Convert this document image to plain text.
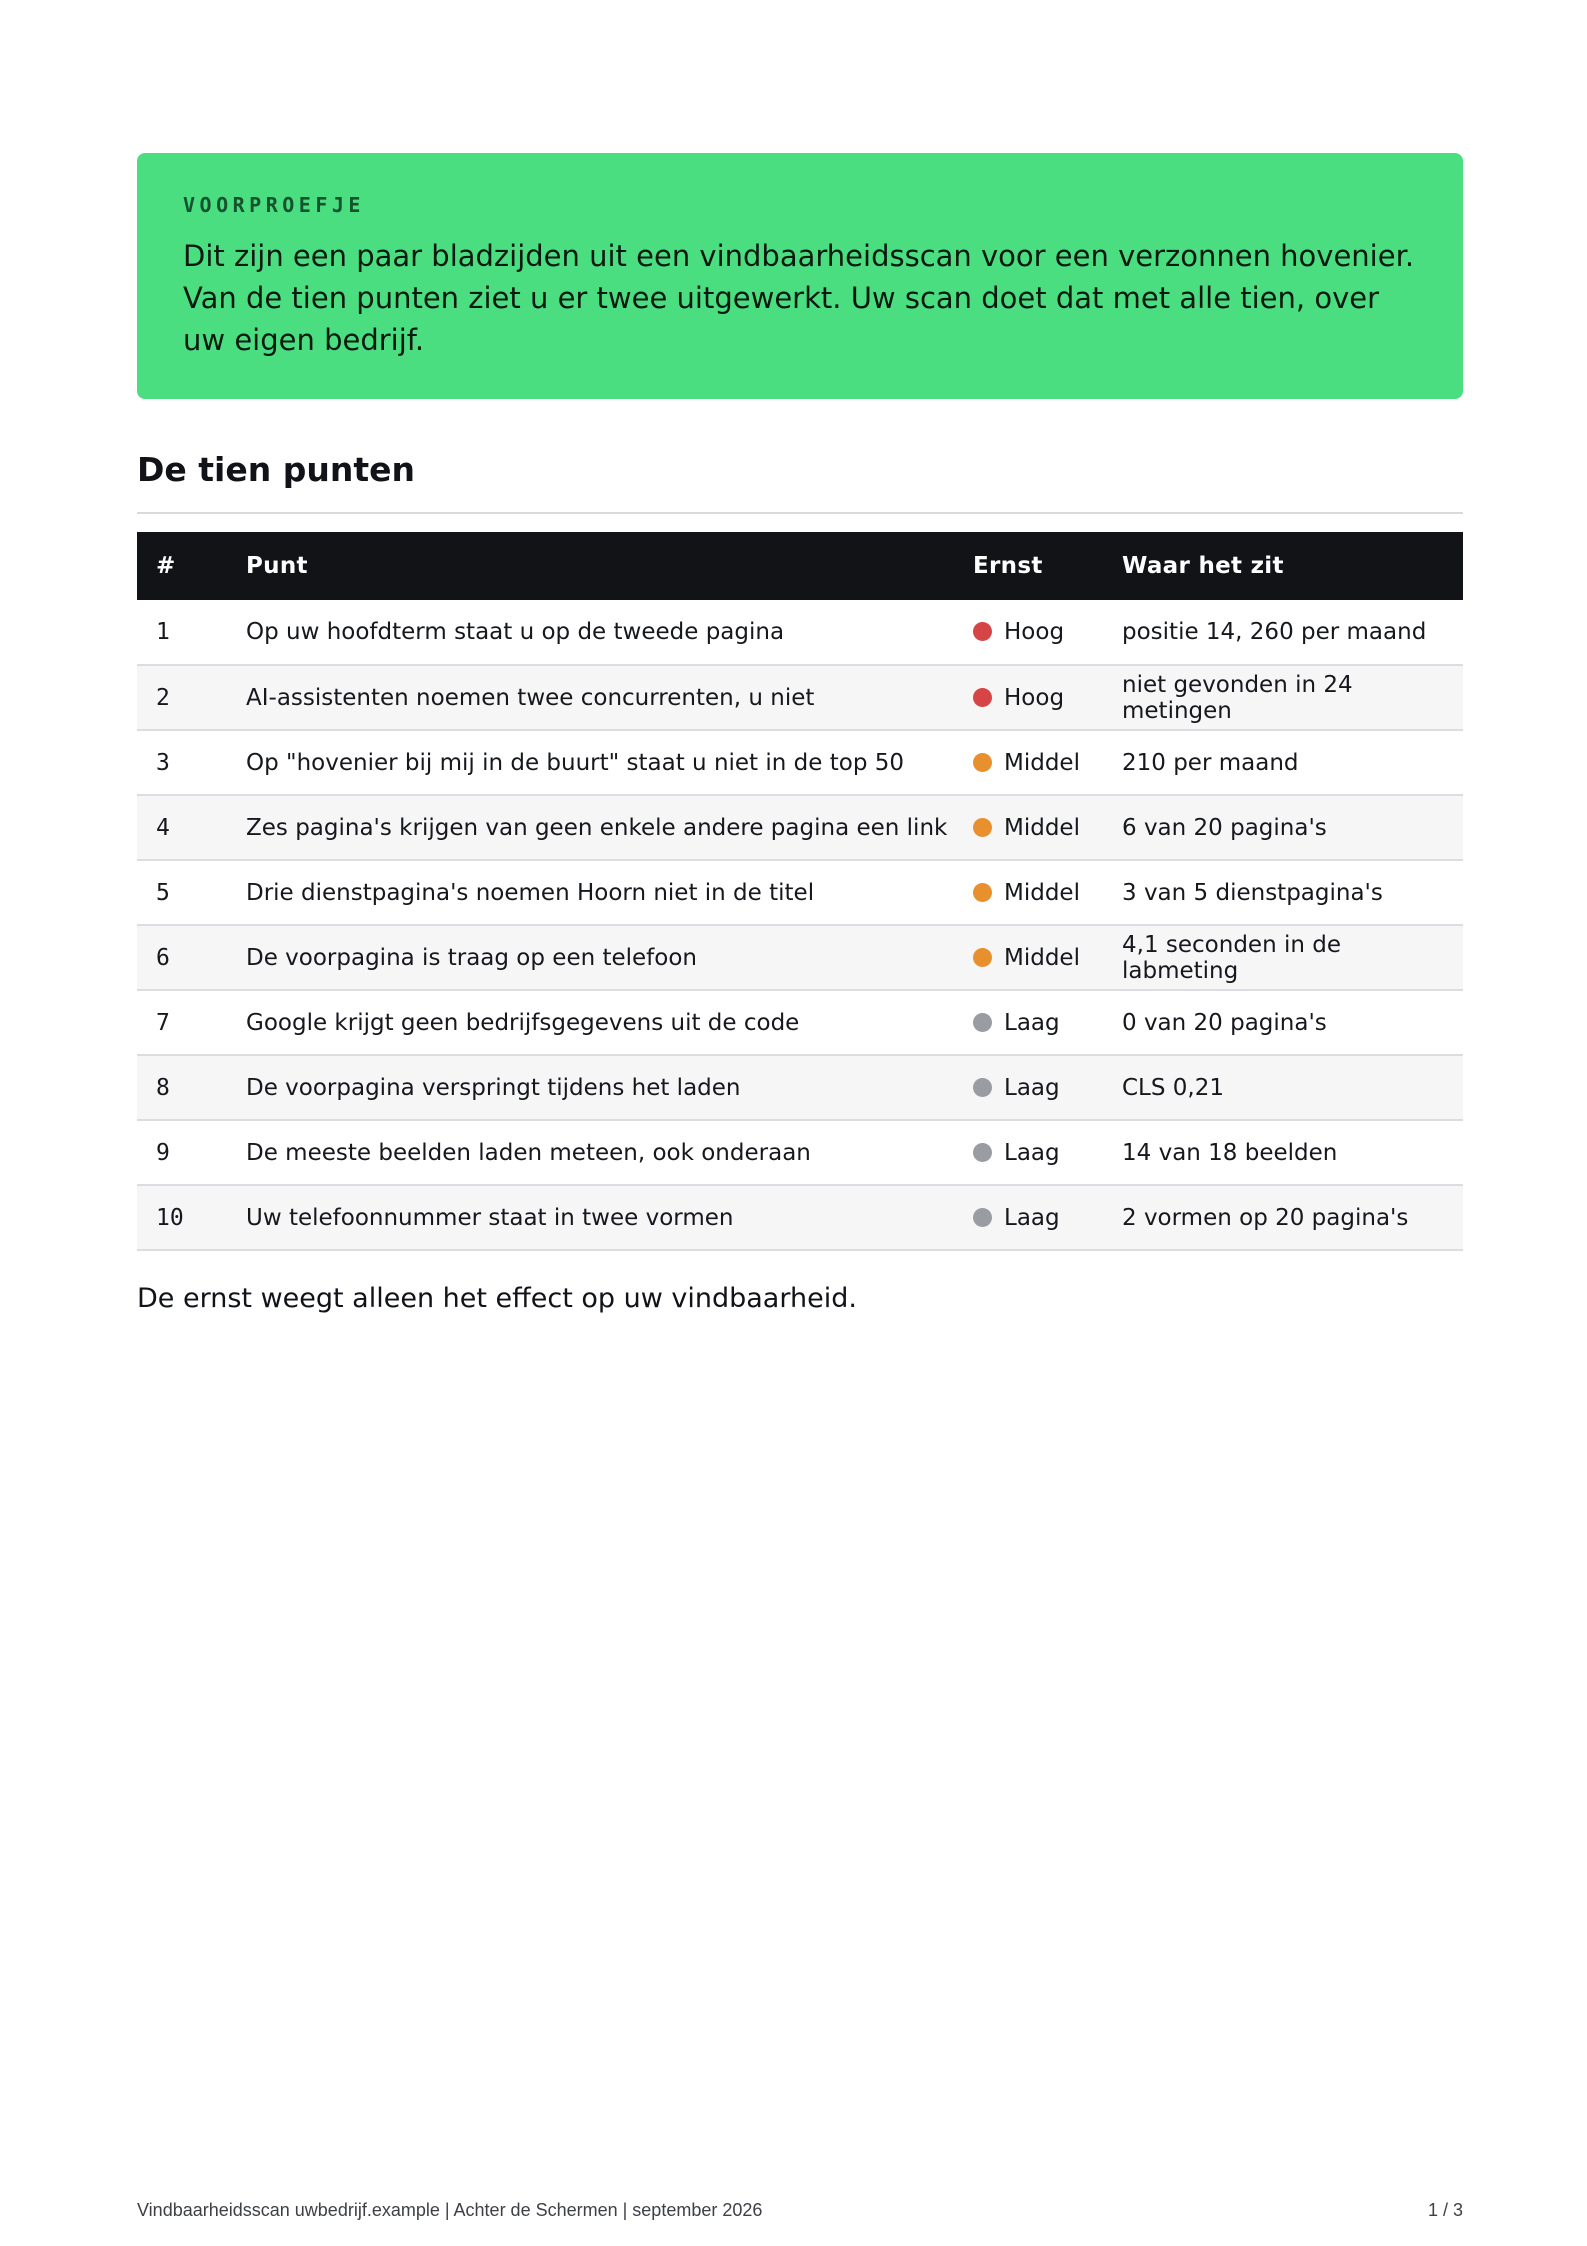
VOORPROEFJE

Dit zijn een paar bladzijden uit een vindbaarheidsscan voor een verzonnen hovenier. Van de tien punten ziet u er twee uitgewerkt. Uw scan doet dat met alle tien, over uw eigen bedrijf.

De tien punten
#	Punt	Ernst	Waar het zit
1	Op uw hoofdterm staat u op de tweede pagina	Hoog	positie 14, 260 per maand
2	AI-assistenten noemen twee concurrenten, u niet	Hoog	niet gevonden in 24 metingen
3	Op "hovenier bij mij in de buurt" staat u niet in de top 50	Middel	210 per maand
4	Zes pagina's krijgen van geen enkele andere pagina een link	Middel	6 van 20 pagina's
5	Drie dienstpagina's noemen Hoorn niet in de titel	Middel	3 van 5 dienstpagina's
6	De voorpagina is traag op een telefoon	Middel	4,1 seconden in de labmeting
7	Google krijgt geen bedrijfsgegevens uit de code	Laag	0 van 20 pagina's
8	De voorpagina verspringt tijdens het laden	Laag	CLS 0,21
9	De meeste beelden laden meteen, ook onderaan	Laag	14 van 18 beelden
10	Uw telefoonnummer staat in twee vormen	Laag	2 vormen op 20 pagina's

De ernst weegt alleen het effect op uw vindbaarheid.

Vindbaarheidsscan uwbedrijf.example | Achter de Schermen | september 2026	1 / 3
